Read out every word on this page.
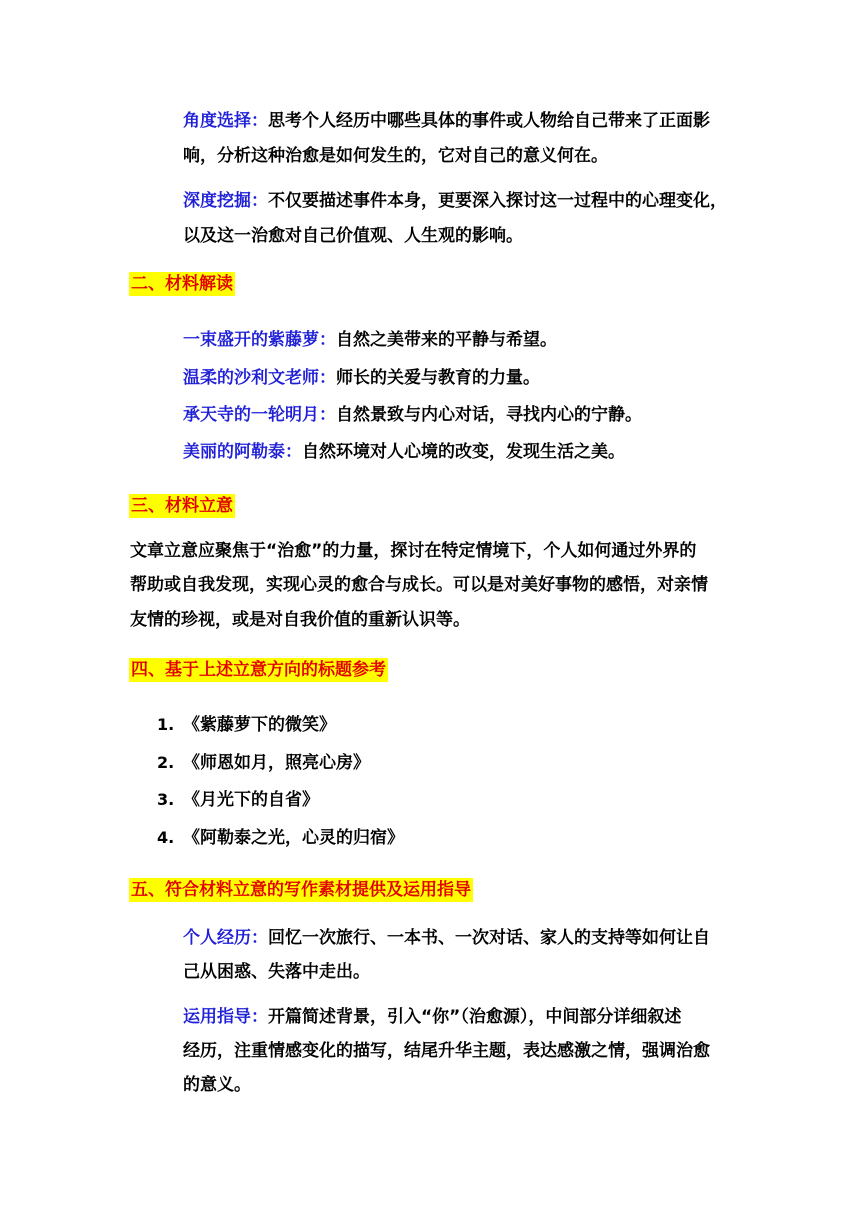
角度选择：思考个人经历中哪些具体的事件或人物给自己带来了正面影
响，分析这种治愈是如何发生的，它对自己的意义何在。
深度挖掘：不仅要描述事件本身，更要深入探讨这一过程中的心理变化，
以及这一治愈对自己价值观、人生观的影响。
二、材料解读
一束盛开的紫藤萝：自然之美带来的平静与希望。
温柔的沙利文老师：师长的关爱与教育的力量。
承天寺的一轮明月：自然景致与内心对话，寻找内心的宁静。
美丽的阿勒泰：自然环境对人心境的改变，发现生活之美。
三、材料立意
文章立意应聚焦于“治愈”的力量，探讨在特定情境下，个人如何通过外界的
帮助或自我发现，实现心灵的愈合与成长。可以是对美好事物的感悟，对亲情
友情的珍视，或是对自我价值的重新认识等。
四、基于上述立意方向的标题参考
1. 《紫藤萝下的微笑》
2. 《师恩如月，照亮心房》
3. 《月光下的自省》
4. 《阿勒泰之光，心灵的归宿》
五、符合材料立意的写作素材提供及运用指导
个人经历：回忆一次旅行、一本书、一次对话、家人的支持等如何让自
己从困惑、失落中走出。
运用指导：开篇简述背景，引入“你”（治愈源），中间部分详细叙述
经历，注重情感变化的描写，结尾升华主题，表达感激之情，强调治愈
的意义。
